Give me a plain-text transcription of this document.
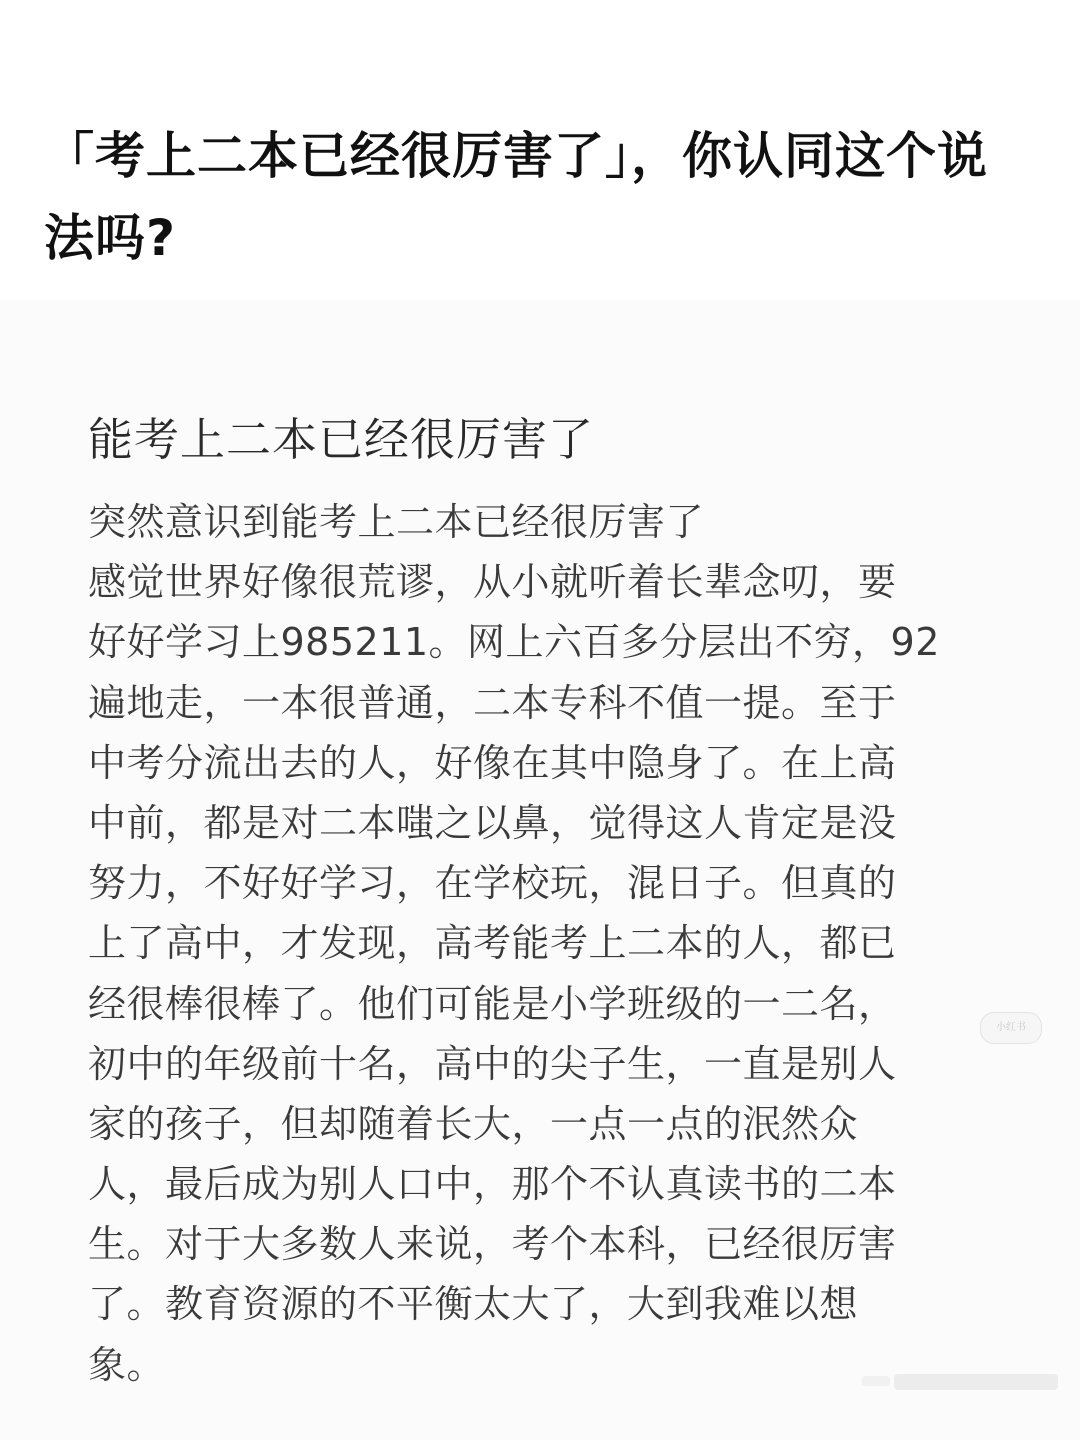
「考上二本已经很厉害了」，你认同这个说法吗?
能考上二本已经很厉害了
突然意识到能考上二本已经很厉害了
感觉世界好像很荒谬，从小就听着长辈念叨，要
好好学习上985211。网上六百多分层出不穷，92
遍地走，一本很普通，二本专科不值一提。至于
中考分流出去的人，好像在其中隐身了。在上高
中前，都是对二本嗤之以鼻，觉得这人肯定是没
努力，不好好学习，在学校玩，混日子。但真的
上了高中，才发现，高考能考上二本的人，都已
经很棒很棒了。他们可能是小学班级的一二名，
初中的年级前十名，高中的尖子生，一直是别人
家的孩子，但却随着长大，一点一点的泯然众
人，最后成为别人口中，那个不认真读书的二本
生。对于大多数人来说，考个本科，已经很厉害
了。教育资源的不平衡太大了，大到我难以想
象。
小红书
